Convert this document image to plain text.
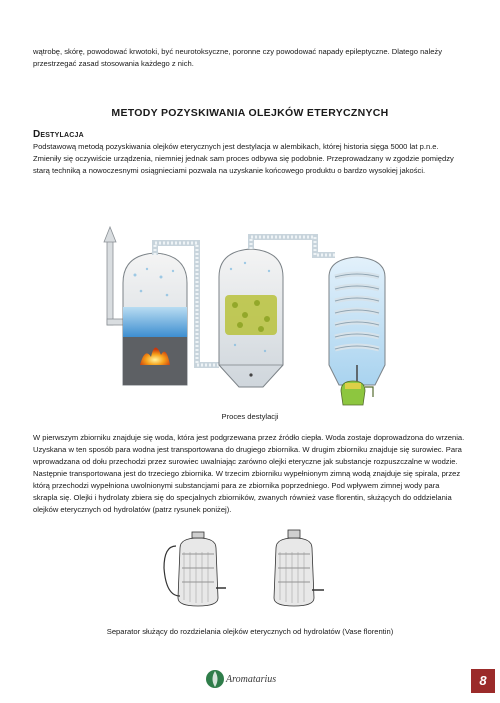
wątrobę, skórę, powodować krwotoki, być neurotoksyczne, poronne czy powodować napady epileptyczne. Dlatego należy przestrzegać zasad stosowania każdego z nich.

METODY POZYSKIWANIA OLEJKÓW ETERYCZNYCH
Destylacja

Podstawową metodą pozyskiwania olejków eterycznych jest destylacja w alembikach, której historia sięga 5000 lat p.n.e. Zmieniły się oczywiście urządzenia, niemniej jednak sam proces odbywa się podobnie. Przeprowadzany w zgodzie pomiędzy starą techniką a nowoczesnymi osiągnieciami pozwala na uzyskanie końcowego produktu o bardzo wysokiej jakości.

Proces destylacji

W pierwszym zbiorniku znajduje się woda, która jest podgrzewana przez źródło ciepła. Woda zostaje doprowadzona do wrzenia. Uzyskana w ten sposób para wodna jest transportowana do drugiego zbiornika. W drugim zbiorniku znajduje się surowiec. Para wprowadzana od dołu przechodzi przez surowiec uwalniając zarówno olejki eteryczne jak substancje rozpuszczalne w wodzie. Następnie transportowana jest do trzeciego zbiornika. W trzecim zbiorniku wypełnionym zimną wodą znajduje się spirala, przez którą przechodzi wypełniona uwolnionymi substancjami para ze zbiornika poprzedniego. Pod wpływem zimnej wody para skrapla się. Olejki i hydrolaty zbiera się do specjalnych zbiorników, zwanych również vase florentin, służących do oddzielania olejków eterycznych od hydrolatów (patrz rysunek poniżej).

Separator służący do rozdzielania olejków eterycznych od hydrolatów (Vase florentin)

Aromatarius	8
